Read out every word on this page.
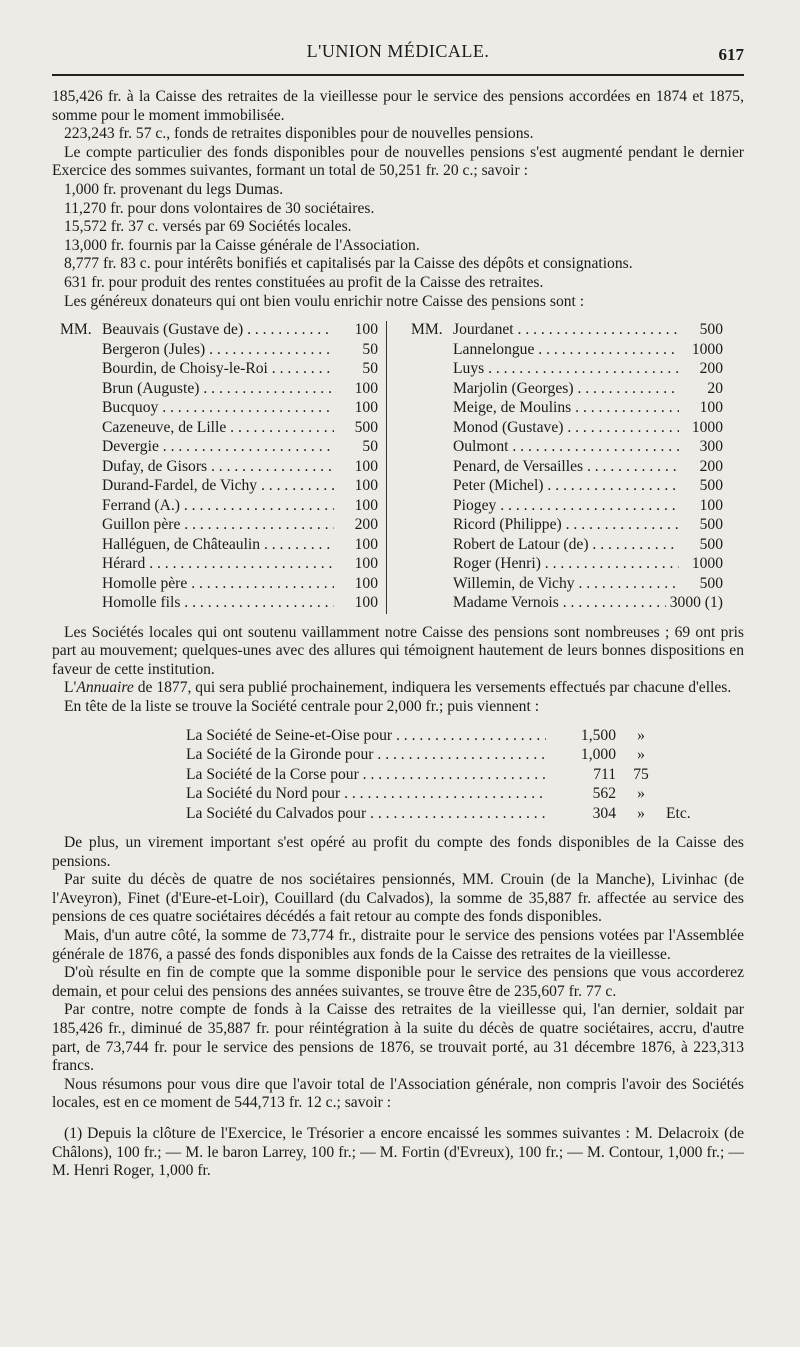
L'UNION MÉDICALE.	617

185,426 fr. à la Caisse des retraites de la vieillesse pour le service des pensions accordées en 1874 et 1875, somme pour le moment immobilisée.

223,243 fr. 57 c., fonds de retraites disponibles pour de nouvelles pensions.

Le compte particulier des fonds disponibles pour de nouvelles pensions s'est augmenté pendant le dernier Exercice des sommes suivantes, formant un total de 50,251 fr. 20 c.; savoir :

1,000 fr. provenant du legs Dumas.

11,270 fr. pour dons volontaires de 30 sociétaires.

15,572 fr. 37 c. versés par 69 Sociétés locales.

13,000 fr. fournis par la Caisse générale de l'Association.

8,777 fr. 83 c. pour intérêts bonifiés et capitalisés par la Caisse des dépôts et consignations.

631 fr. pour produit des rentes constituées au profit de la Caisse des retraites.

Les généreux donateurs qui ont bien voulu enrichir notre Caisse des pensions sont :

MM. Beauvais (Gustave de) . . .	100
Bergeron (Jules) . . .	50
Bourdin, de Choisy-le-Roi . . .	50
Brun (Auguste) . . .	100
Bucquoy . . .	100
Cazeneuve, de Lille . . .	500
Devergie . . .	50
Dufay, de Gisors . . .	100
Durand-Fardel, de Vichy . . .	100
Ferrand (A.) . . .	100
Guillon père . . .	200
Halléguen, de Châteaulin . . .	100
Hérard . . .	100
Homolle père . . .	100
Homolle fils . . .	100
MM. Jourdanet . . .	500
Lannelongue . . .	1000
Luys . . .	200
Marjolin (Georges) . . .	20
Meige, de Moulins . . .	100
Monod (Gustave) . . .	1000
Oulmont . . .	300
Penard, de Versailles . . .	200
Peter (Michel) . . .	500
Piogey . . .	100
Ricord (Philippe) . . .	500
Robert de Latour (de) . . .	500
Roger (Henri) . . .	1000
Willemin, de Vichy . . .	500
Madame Vernois . . .	3000 (1)

Les Sociétés locales qui ont soutenu vaillamment notre Caisse des pensions sont nombreuses ; 69 ont pris part au mouvement; quelques-unes avec des allures qui témoignent hautement de leurs bonnes dispositions en faveur de cette institution.

L'Annuaire de 1877, qui sera publié prochainement, indiquera les versements effectués par chacune d'elles.

En tête de la liste se trouve la Société centrale pour 2,000 fr.; puis viennent :

La Société de Seine-et-Oise pour . . .	1,500	»
La Société de la Gironde pour . . .	1,000	»
La Société de la Corse pour . . .	711	75
La Société du Nord pour . . .	562	»
La Société du Calvados pour . . .	304	»	Etc.

De plus, un virement important s'est opéré au profit du compte des fonds disponibles de la Caisse des pensions.

Par suite du décès de quatre de nos sociétaires pensionnés, MM. Crouin (de la Manche), Livinhac (de l'Aveyron), Finet (d'Eure-et-Loir), Couillard (du Calvados), la somme de 35,887 fr. affectée au service des pensions de ces quatre sociétaires décédés a fait retour au compte des fonds disponibles.

Mais, d'un autre côté, la somme de 73,774 fr., distraite pour le service des pensions votées par l'Assemblée générale de 1876, a passé des fonds disponibles aux fonds de la Caisse des retraites de la vieillesse.

D'où résulte en fin de compte que la somme disponible pour le service des pensions que vous accorderez demain, et pour celui des pensions des années suivantes, se trouve être de 235,607 fr. 77 c.

Par contre, notre compte de fonds à la Caisse des retraites de la vieillesse qui, l'an dernier, soldait par 185,426 fr., diminué de 35,887 fr. pour réintégration à la suite du décès de quatre sociétaires, accru, d'autre part, de 73,744 fr. pour le service des pensions de 1876, se trouvait porté, au 31 décembre 1876, à 223,313 francs.

Nous résumons pour vous dire que l'avoir total de l'Association générale, non compris l'avoir des Sociétés locales, est en ce moment de 544,713 fr. 12 c.; savoir :

(1) Depuis la clôture de l'Exercice, le Trésorier a encore encaissé les sommes suivantes : M. Delacroix (de Châlons), 100 fr.; — M. le baron Larrey, 100 fr.; — M. Fortin (d'Evreux), 100 fr.; — M. Contour, 1,000 fr.; — M. Henri Roger, 1,000 fr.
